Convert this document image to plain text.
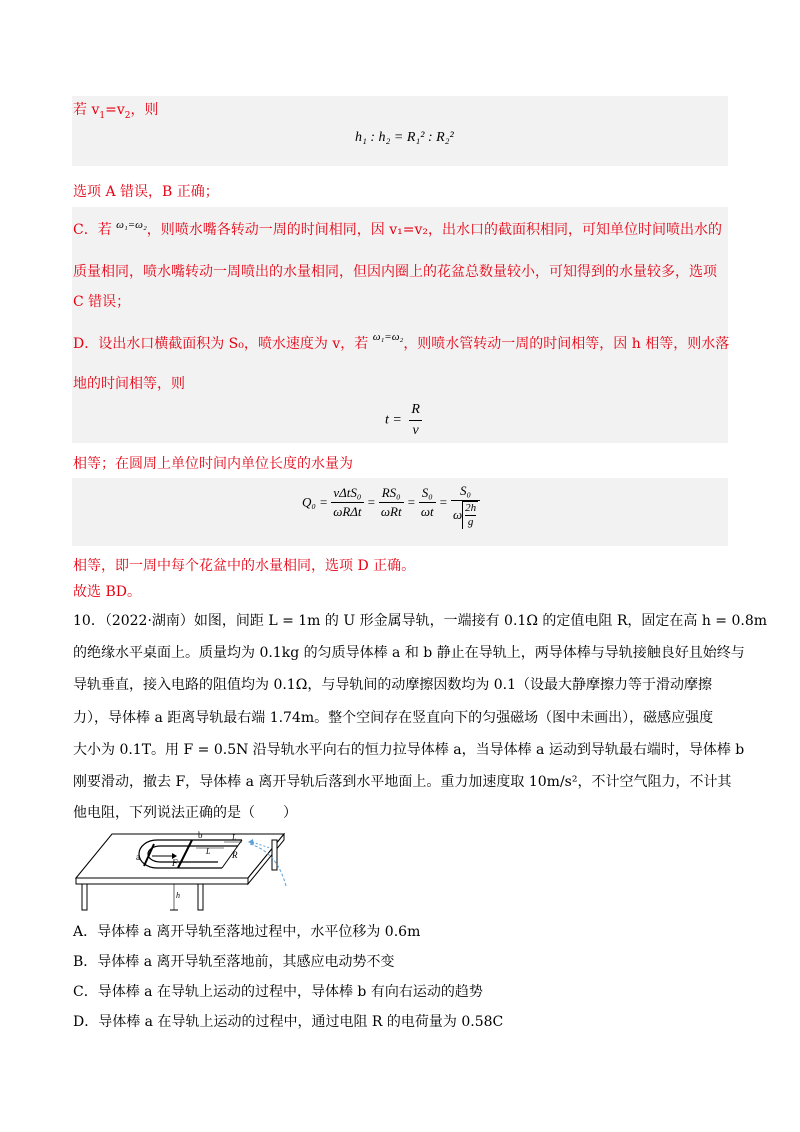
若 $v_1=v_2$，则
h₁ : h₂ = R₁² : R₂²
选项 A 错误，B 正确；
C．若 $^{\omega_1=\omega_2}$，则喷水嘴各转动一周的时间相同，因 v₁=v₂，出水口的截面积相同，可知单位时间喷出水的
质量相同，喷水嘴转动一周喷出的水量相同，但因内圈上的花盆总数量较小，可知得到的水量较多，选项
C 错误；
D．设出水口横截面积为 S₀，喷水速度为 v，若 $^{\omega_1=\omega_2}$，则喷水管转动一周的时间相等，因 h 相等，则水落
地的时间相等，则
$t = \frac{R}{v}$
相等；在圆周上单位时间内单位长度的水量为
$Q_0 = \frac{\text{vΔtS₀}}{\text{ωRΔt}} = \frac{\text{RS₀}}{\text{ωRt}} = \frac{\text{S₀}}{\omega t} = \frac{\text{S₀}}{\omega \frac{2h}{g}}$
相等，即一周中每个花盆中的水量相同，选项 D 正确。
故选 BD。
10．（2022·湖南）如图，间距 L = 1m 的 U 形金属导轨，一端接有 0.1Ω 的定值电阻 R，固定在高 h = 0.8m
的绝缘水平桌面上。质量均为 0.1kg 的匀质导体棒 a 和 b 静止在导轨上，两导体棒与导轨接触良好且始终与
导轨垂直，接入电路的阻值均为 0.1Ω，与导轨间的动摩擦因数均为 0.1（设最大静摩擦力等于滑动摩擦
力），导体棒 a 距离导轨最右端 1.74m。整个空间存在竖直向下的匀强磁场（图中未画出），磁感应强度
大小为 0.1T。用 F = 0.5N 沿导轨水平向右的恒力拉导体棒 a，当导体棒 a 运动到导轨最右端时，导体棒 b
刚要滑动，撤去 F，导体棒 a 离开导轨后落到水平地面上。重力加速度取 10m/s²，不计空气阻力，不计其
他电阻，下列说法正确的是（　　）
a
b
F
R
h
L
L
A．导体棒 a 离开导轨至落地过程中，水平位移为 0.6m
B．导体棒 a 离开导轨至落地前，其感应电动势不变
C．导体棒 a 在导轨上运动的过程中，导体棒 b 有向右运动的趋势
D．导体棒 a 在导轨上运动的过程中，通过电阻 R 的电荷量为 0.58C
